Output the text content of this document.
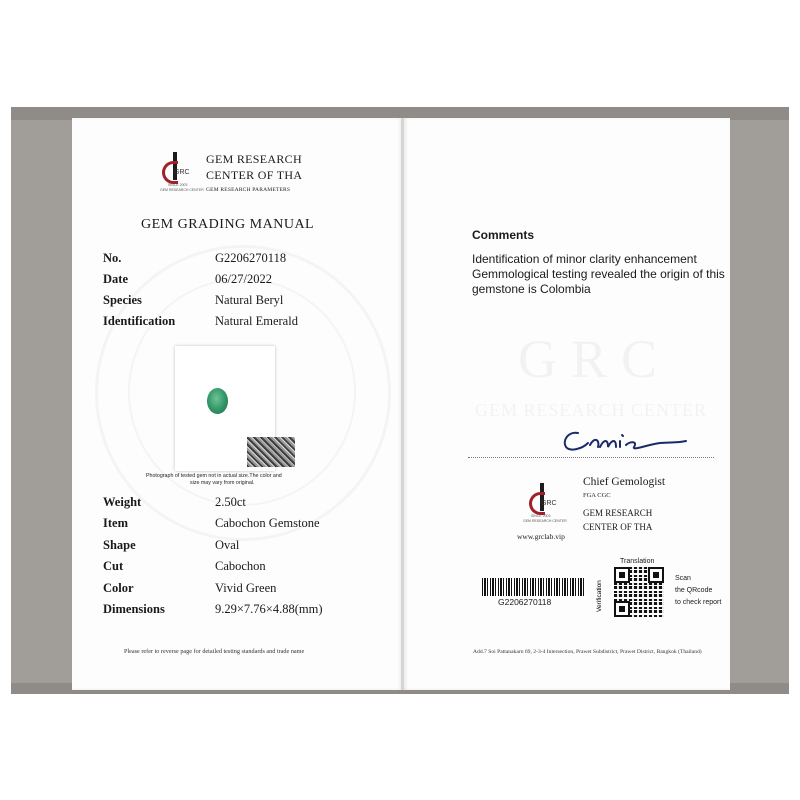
GRC
SINCE 2003
GEM RESEARCH CENTER
GEM RESEARCH
CENTER OF THA
GEM RESEARCH PARAMETERS
GEM GRADING MANUAL
No.	G2206270118
Date	06/27/2022
Species	Natural Beryl
Identification	Natural Emerald
Photograph of tested gem not in actual size.The color and
size may vary from original.
Weight	2.50ct
Item	Cabochon Gemstone
Shape	Oval
Cut	Cabochon
Color	Vivid Green
Dimensions	9.29×7.76×4.88(mm)
Please refer to reverse page for detailed testing standards and trade name
Comments
Identification of minor clarity enhancement
Gemmological testing revealed the origin of this
gemstone is Colombia
Chief Gemologist
FGA CGC
GEM RESEARCH
CENTER OF THA
GRC
SINCE 2003
GEM RESEARCH CENTER
www.grclab.vip
G2206270118
Translation
Verification
Scan
the QRcode
to check report
Add.7 Soi Pattanakarn 69, 2-3-4 Intersection, Prawet Subdistrict, Prawet District, Bangkok (Thailand)
